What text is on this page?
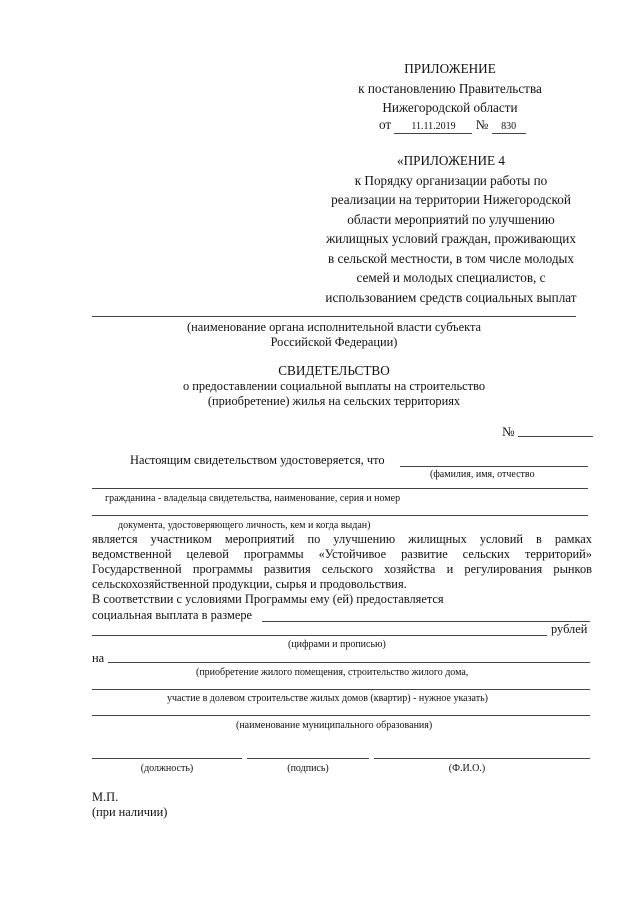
ПРИЛОЖЕНИЕ
к постановлению Правительства
Нижегородской области
от 11.11.2019 № 830
«ПРИЛОЖЕНИЕ 4
к Порядку организации работы по
реализации на территории Нижегородской
области мероприятий по улучшению
жилищных условий граждан, проживающих
в сельской местности, в том числе молодых
семей и молодых специалистов, с
использованием средств социальных выплат
(наименование органа исполнительной власти субъекта
Российской Федерации)
СВИДЕТЕЛЬСТВО
о предоставлении социальной выплаты на строительство
(приобретение) жилья на сельских территориях
№
Настоящим свидетельством удостоверяется, что
(фамилия, имя, отчество
гражданина - владельца свидетельства, наименование, серия и номер
документа, удостоверяющего личность, кем и когда выдан)
является участником мероприятий по улучшению жилищных условий в рамках
ведомственной целевой программы «Устойчивое развитие сельских территорий»
Государственной программы развития сельского хозяйства и регулирования рынков
сельскохозяйственной продукции, сырья и продовольствия.
В соответствии с условиями Программы ему (ей) предоставляется
социальная выплата в размере
рублей
(цифрами и прописью)
на
(приобретение жилого помещения, строительство жилого дома,
участие в долевом строительстве жилых домов (квартир) - нужное указать)
(наименование муниципального образования)
(должность)	(подпись)	(Ф.И.О.)
М.П.
(при наличии)
